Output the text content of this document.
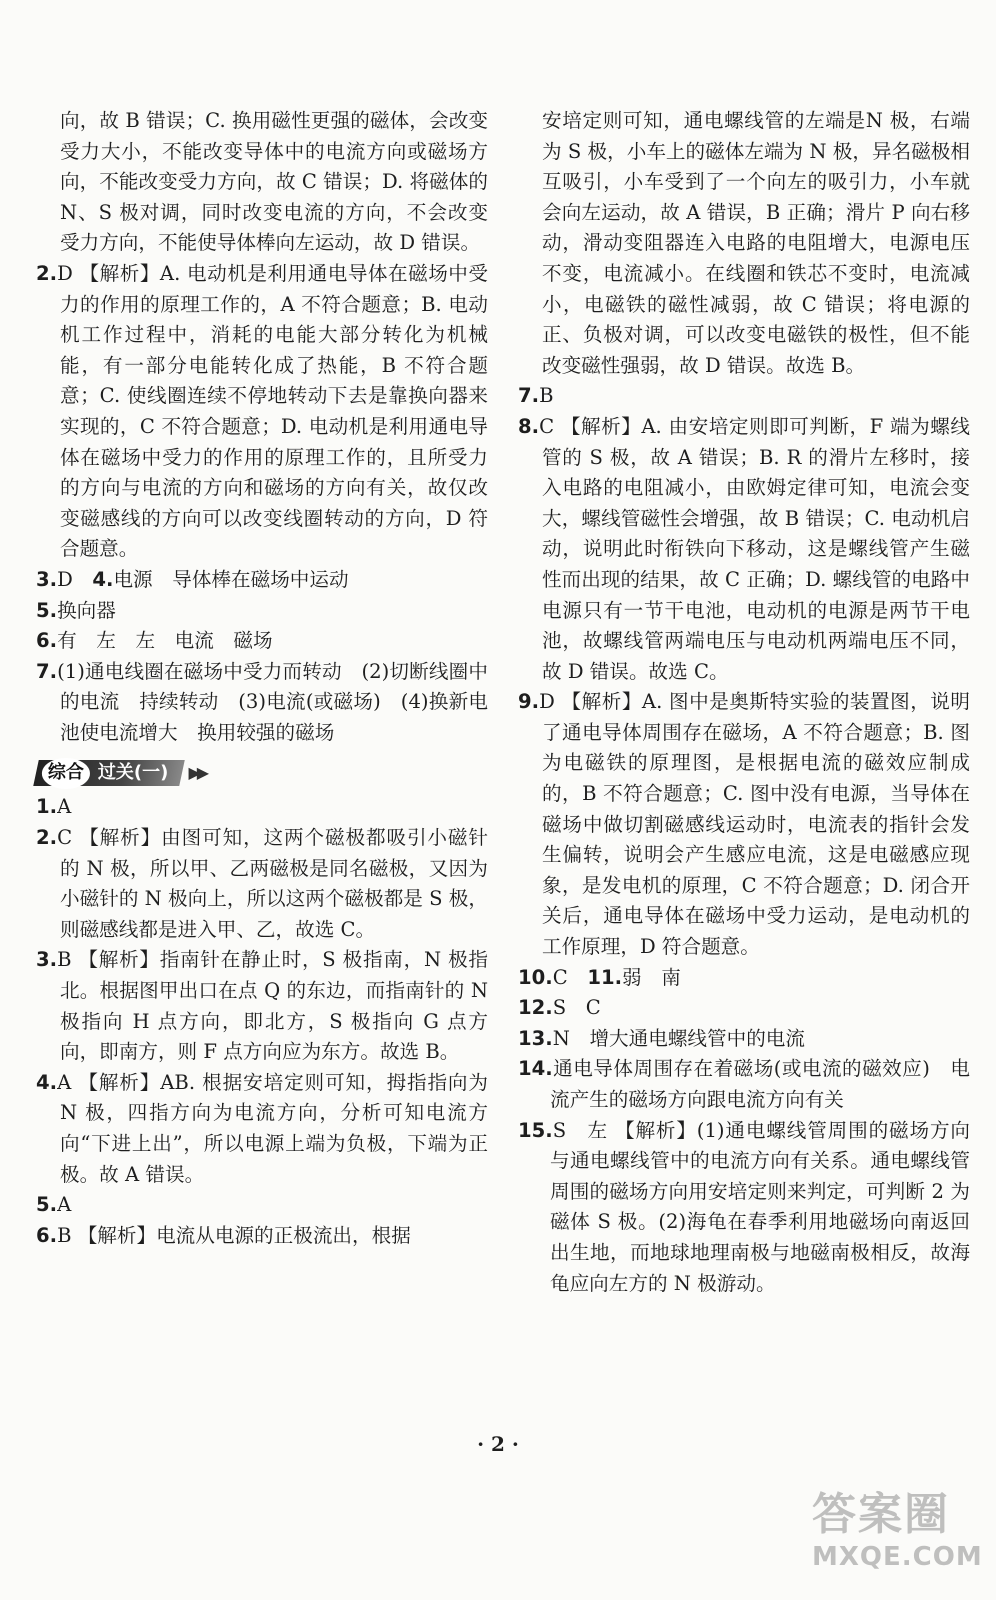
向，故 B 错误；C. 换用磁性更强的磁体，会改变受力大小，不能改变导体中的电流方向或磁场方向，不能改变受力方向，故 C 错误；D. 将磁体的 N、S 极对调，同时改变电流的方向，不会改变受力方向，不能使导体棒向左运动，故 D 错误。
2.D 【解析】A. 电动机是利用通电导体在磁场中受力的作用的原理工作的，A 不符合题意；B. 电动机工作过程中，消耗的电能大部分转化为机械能，有一部分电能转化成了热能，B 不符合题意；C. 使线圈连续不停地转动下去是靠换向器来实现的，C 不符合题意；D. 电动机是利用通电导体在磁场中受力的作用的原理工作的，且所受力的方向与电流的方向和磁场的方向有关，故仅改变磁感线的方向可以改变线圈转动的方向，D 符合题意。
3.D　 4.电源　导体棒在磁场中运动
5.换向器
6.有　左　左　电流　磁场
7.(1)通电线圈在磁场中受力而转动　(2)切断线圈中的电流　持续转动　(3)电流(或磁场)　(4)换新电池使电流增大　换用较强的磁场
综合 过关(一) ▶▶
1.A
2.C 【解析】由图可知，这两个磁极都吸引小磁针的 N 极，所以甲、乙两磁极是同名磁极，又因为小磁针的 N 极向上，所以这两个磁极都是 S 极，则磁感线都是进入甲、乙，故选 C。
3.B 【解析】指南针在静止时，S 极指南，N 极指北。根据图甲出口在点 Q 的东边，而指南针的 N 极指向 H 点方向，即北方，S 极指向 G 点方向，即南方，则 F 点方向应为东方。故选 B。
4.A 【解析】AB. 根据安培定则可知，拇指指向为 N 极，四指方向为电流方向，分析可知电流方向“下进上出”，所以电源上端为负极，下端为正极。故 A 错误。
5.A
6.B 【解析】电流从电源的正极流出，根据
安培定则可知，通电螺线管的左端是N 极，右端为 S 极，小车上的磁体左端为 N 极，异名磁极相互吸引，小车受到了一个向左的吸引力，小车就会向左运动，故 A 错误，B 正确；滑片 P 向右移动，滑动变阻器连入电路的电阻增大，电源电压不变，电流减小。在线圈和铁芯不变时，电流减小，电磁铁的磁性减弱，故 C 错误；将电源的正、负极对调，可以改变电磁铁的极性，但不能改变磁性强弱，故 D 错误。故选 B。
7.B
8.C 【解析】A. 由安培定则即可判断，F 端为螺线管的 S 极，故 A 错误；B. R 的滑片左移时，接入电路的电阻减小，由欧姆定律可知，电流会变大，螺线管磁性会增强，故 B 错误；C. 电动机启动，说明此时衔铁向下移动，这是螺线管产生磁性而出现的结果，故 C 正确；D. 螺线管的电路中电源只有一节干电池，电动机的电源是两节干电池，故螺线管两端电压与电动机两端电压不同，故 D 错误。故选 C。
9.D 【解析】A. 图中是奥斯特实验的装置图，说明了通电导体周围存在磁场，A 不符合题意；B. 图为电磁铁的原理图，是根据电流的磁效应制成的，B 不符合题意；C. 图中没有电源，当导体在磁场中做切割磁感线运动时，电流表的指针会发生偏转，说明会产生感应电流，这是电磁感应现象，是发电机的原理，C 不符合题意；D. 闭合开关后，通电导体在磁场中受力运动，是电动机的工作原理，D 符合题意。
10.C　 11.弱　南
12.S　C
13.N　增大通电螺线管中的电流
14.通电导体周围存在着磁场(或电流的磁效应)　电流产生的磁场方向跟电流方向有关
15.S　左 【解析】(1)通电螺线管周围的磁场方向与通电螺线管中的电流方向有关系。通电螺线管周围的磁场方向用安培定则来判定，可判断 2 为磁体 S 极。(2)海龟在春季利用地磁场向南返回出生地，而地球地理南极与地磁南极相反，故海龟应向左方的 N 极游动。
· 2 ·
答案圈
MXQE.COM
